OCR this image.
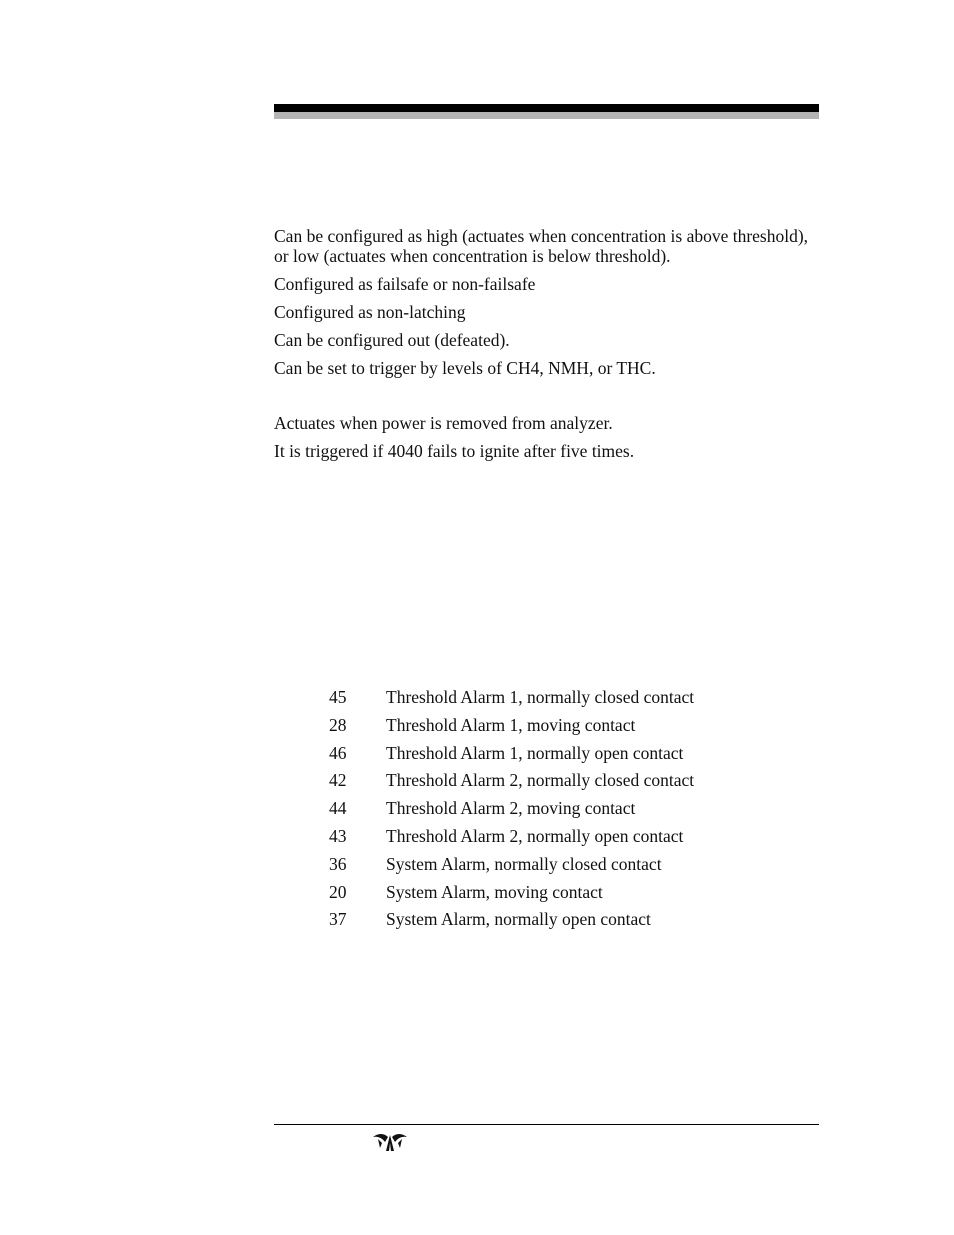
Can be configured as high (actuates when concentration is above threshold), or low (actuates when concentration is below threshold).

Configured as failsafe or non-failsafe

Configured as non-latching

Can be configured out (defeated).

Can be set to trigger by levels of CH4, NMH, or THC.

Actuates when power is removed from analyzer.

It is triggered if 4040 fails to ignite after five times.

45	Threshold Alarm 1, normally closed contact
28	Threshold Alarm 1, moving contact
46	Threshold Alarm 1, normally open contact
42	Threshold Alarm 2, normally closed contact
44	Threshold Alarm 2, moving contact
43	Threshold Alarm 2, normally open contact
36	System Alarm, normally closed contact
20	System Alarm, moving contact
37	System Alarm, normally open contact
